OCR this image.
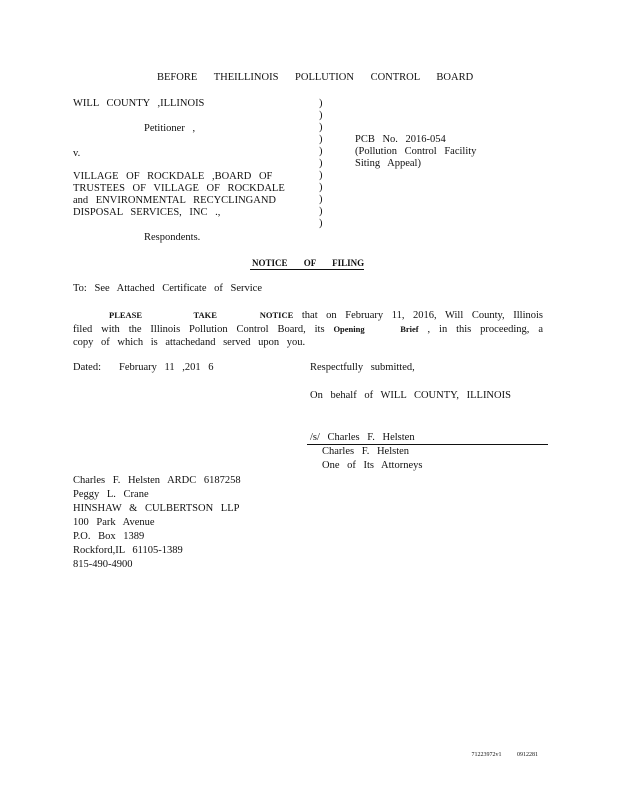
BEFORE THEILLINOIS POLLUTION CONTROL BOARD
WILL COUNTY ,ILLINOIS
Petitioner ,
v.
VILLAGE OF ROCKDALE ,BOARD OF
TRUSTEES OF VILLAGE OF ROCKDALE
and ENVIRONMENTAL RECYCLINGAND
DISPOSAL SERVICES, INC .,
Respondents.
)
)
)
)
)
)
)
)
)
)
)
PCB No. 2016-054
(Pollution Control Facility
Siting Appeal)
NOTICE OF FILING
To: See Attached Certificate of Service
PLEASE	TAKE	NOTICE that on February 11, 2016, Will County, Illinois filed with the Illinois Pollution Control Board, its Opening	Brief , in this proceeding, a copy of which is attachedand served upon you.
Dated: February 11 ,201 6	Respectfully submitted,
On behalf of WILL COUNTY, ILLINOIS
/s/ Charles F. Helsten
Charles F. Helsten
One of Its Attorneys
Charles F. Helsten ARDC 6187258
Peggy L. Crane
HINSHAW & CULBERTSON LLP
100 Park Avenue
P.O. Box 1389
Rockford,IL 61105-1389
815-490-4900
71223972v1 0912281
